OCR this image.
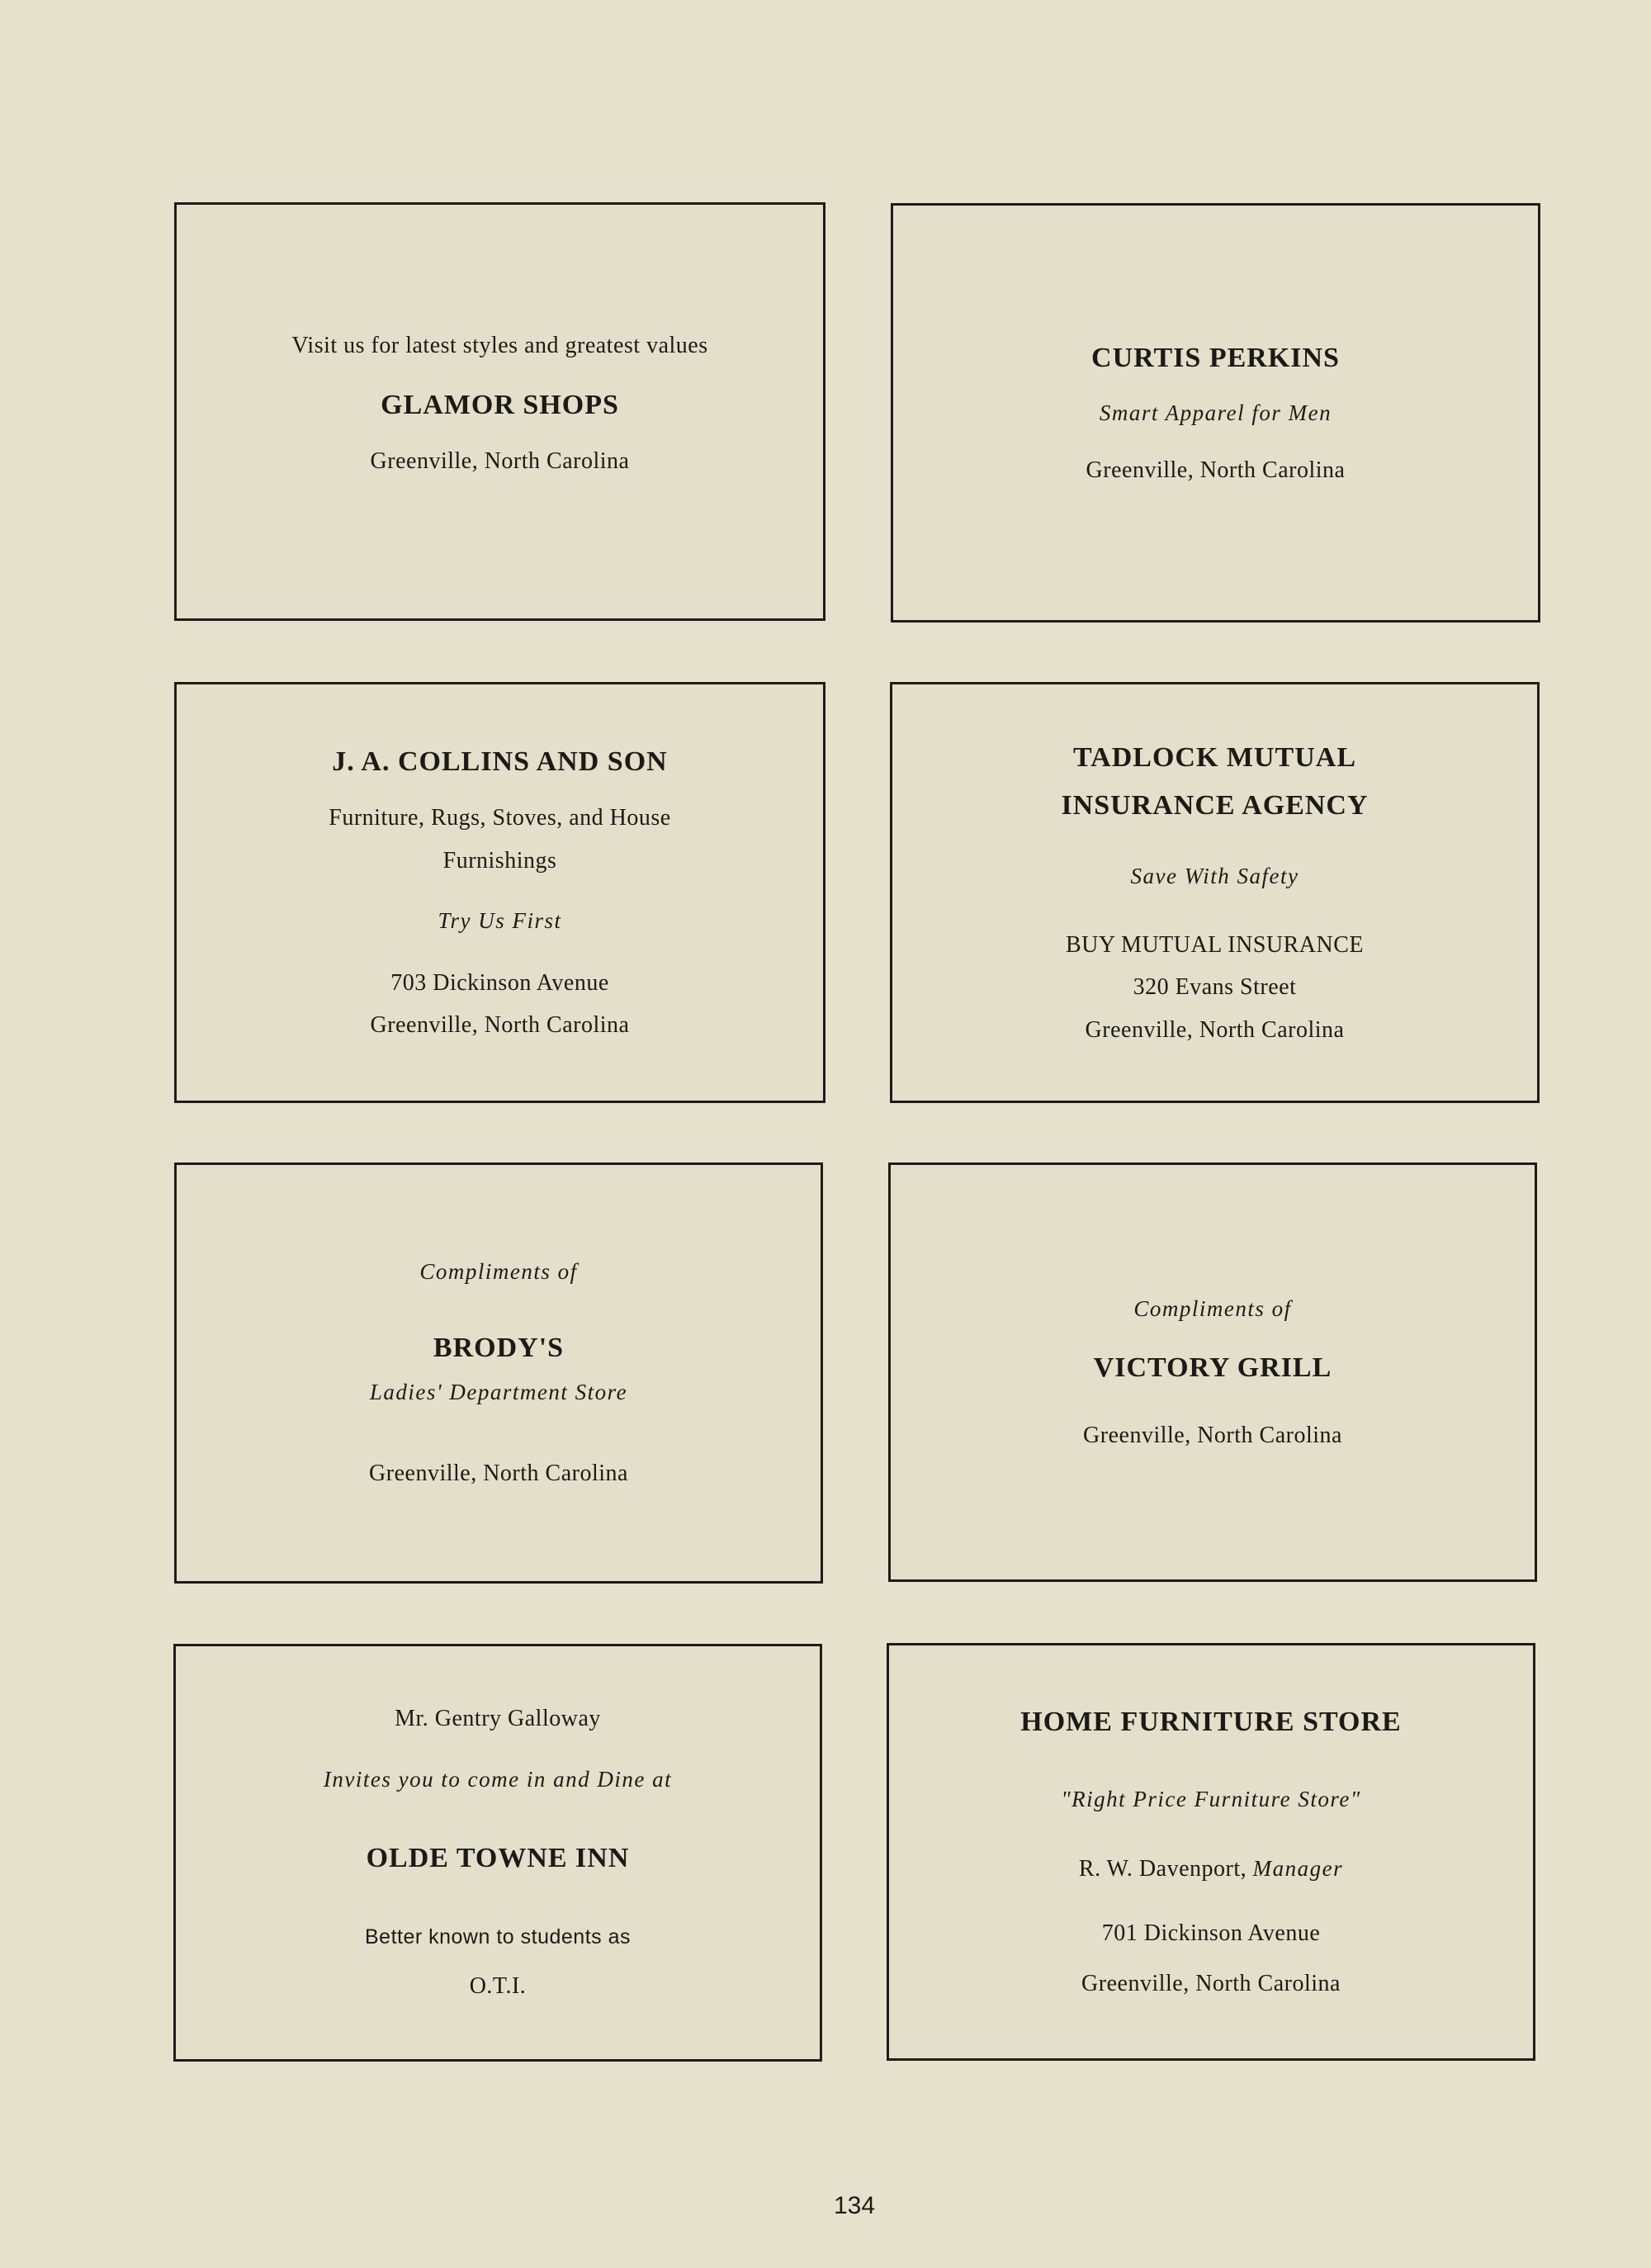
Visit us for latest styles and greatest values
GLAMOR SHOPS
Greenville, North Carolina
CURTIS PERKINS
Smart Apparel for Men
Greenville, North Carolina
J. A. COLLINS AND SON
Furniture, Rugs, Stoves, and House
Furnishings
Try Us First
703 Dickinson Avenue
Greenville, North Carolina
TADLOCK MUTUAL
INSURANCE AGENCY
Save With Safety
BUY MUTUAL INSURANCE
320 Evans Street
Greenville, North Carolina
Compliments of
BRODY'S
Ladies' Department Store
Greenville, North Carolina
Compliments of
VICTORY GRILL
Greenville, North Carolina
Mr. Gentry Galloway
Invites you to come in and Dine at
OLDE TOWNE INN
Better known to students as
O.T.I.
HOME FURNITURE STORE
"Right Price Furniture Store"
R. W. Davenport, Manager
701 Dickinson Avenue
Greenville, North Carolina
134
